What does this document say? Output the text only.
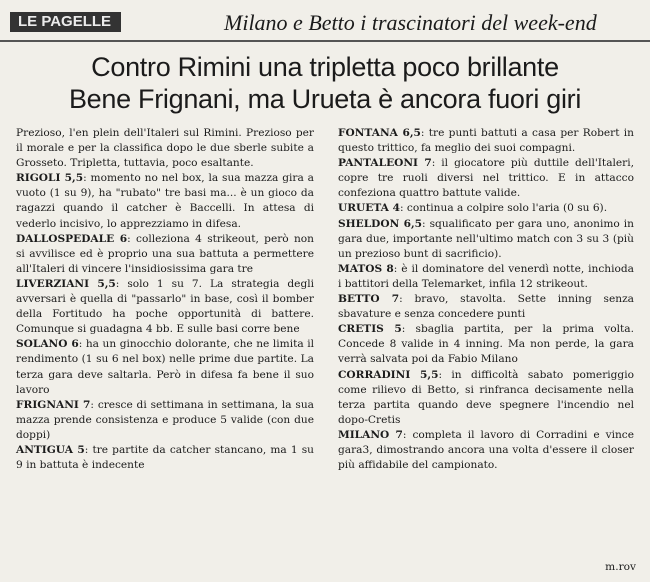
LE PAGELLE	Milano e Betto i trascinatori del week-end
Contro Rimini una tripletta poco brillante
Bene Frignani, ma Urueta è ancora fuori giri

Prezioso, l'en plein dell'Italeri sul Rimini. Prezioso per il morale e per la classifica dopo le due sberle subite a Grosseto. Tripletta, tuttavia, poco esaltante.

RIGOLI 5,5: momento no nel box, la sua mazza gira a vuoto (1 su 9), ha "rubato" tre basi ma... è un gioco da ragazzi quando il catcher è Baccelli. In attesa di vederlo incisivo, lo apprezziamo in difesa.

DALLOSPEDALE 6: colleziona 4 strikeout, però non si avvilisce ed è proprio una sua battuta a permettere all'Italeri di vincere l'insidiosissima gara tre

LIVERZIANI 5,5: solo 1 su 7. La strategia degli avversari è quella di "passarlo" in base, così il bomber della Fortitudo ha poche opportunità di battere. Comunque si guadagna 4 bb. E sulle basi corre bene

SOLANO 6: ha un ginocchio dolorante, che ne limita il rendimento (1 su 6 nel box) nelle prime due partite. La terza gara deve saltarla. Però in difesa fa bene il suo lavoro

FRIGNANI 7: cresce di settimana in settimana, la sua mazza prende consistenza e produce 5 valide (con due doppi)

ANTIGUA 5: tre partite da catcher stancano, ma 1 su 9 in battuta è indecente

FONTANA 6,5: tre punti battuti a casa per Robert in questo trittico, fa meglio dei suoi compagni.

PANTALEONI 7: il giocatore più duttile dell'Italeri, copre tre ruoli diversi nel trittico. E in attacco confeziona quattro battute valide.

URUETA 4: continua a colpire solo l'aria (0 su 6).

SHELDON 6,5: squalificato per gara uno, anonimo in gara due, importante nell'ultimo match con 3 su 3 (più un prezioso bunt di sacrificio).

MATOS 8: è il dominatore del venerdì notte, inchioda i battitori della Telemarket, infila 12 strikeout.

BETTO 7: bravo, stavolta. Sette inning senza sbavature e senza concedere punti

CRETIS 5: sbaglia partita, per la prima volta. Concede 8 valide in 4 inning. Ma non perde, la gara verrà salvata poi da Fabio Milano

CORRADINI 5,5: in difficoltà sabato pomeriggio come rilievo di Betto, si rinfranca decisamente nella terza partita quando deve spegnere l'incendio nel dopo-Cretis

MILANO 7: completa il lavoro di Corradini e vince gara3, dimostrando ancora una volta d'essere il closer più affidabile del campionato.

m.rov
